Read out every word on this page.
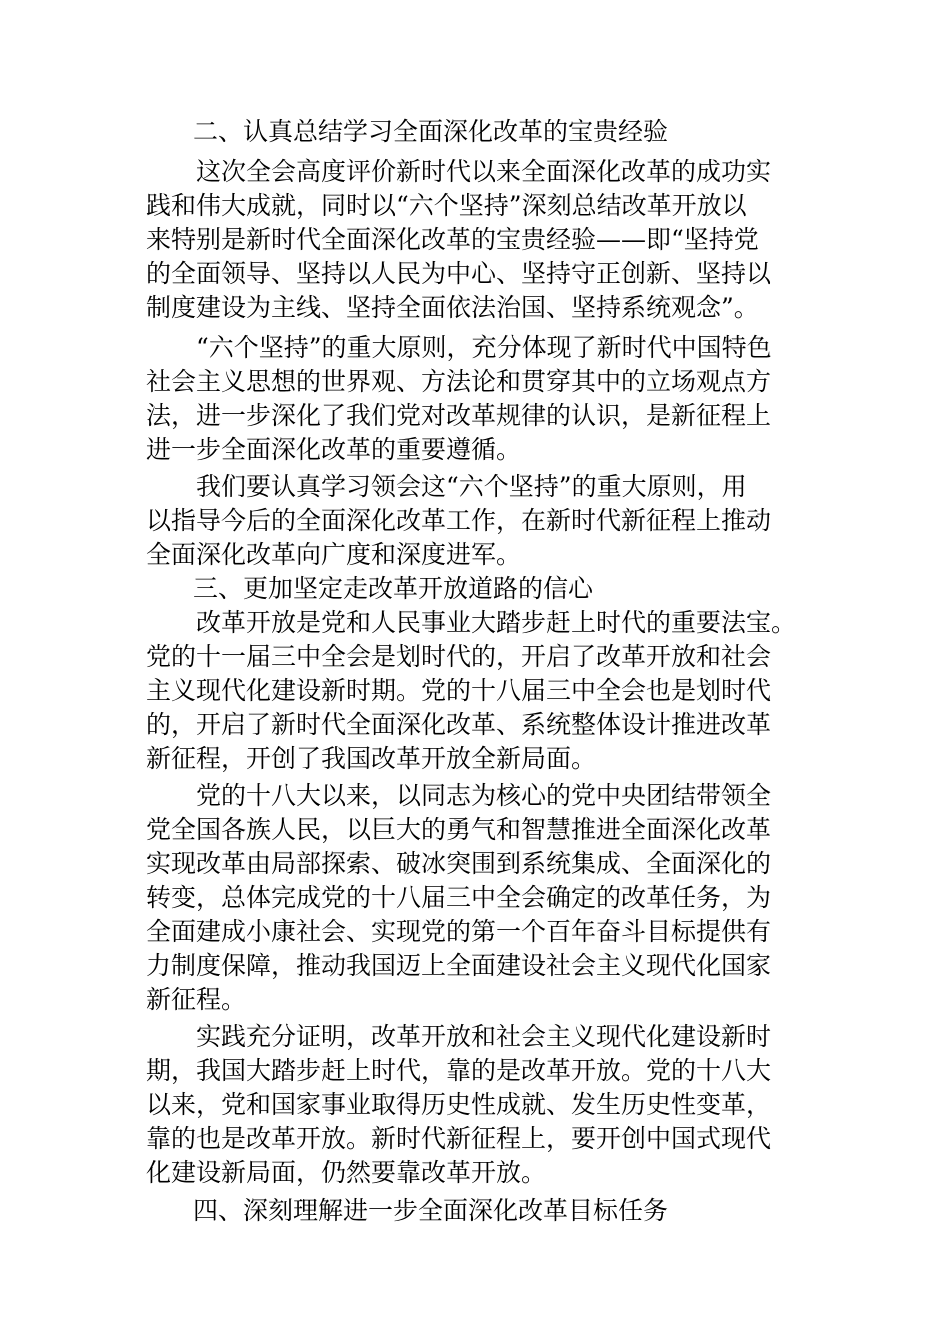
二、认真总结学习全面深化改革的宝贵经验
这次全会高度评价新时代以来全面深化改革的成功实
践和伟大成就，同时以“六个坚持”深刻总结改革开放以
来特别是新时代全面深化改革的宝贵经验——即“坚持党
的全面领导、坚持以人民为中心、坚持守正创新、坚持以
制度建设为主线、坚持全面依法治国、坚持系统观念”。
“六个坚持”的重大原则，充分体现了新时代中国特色
社会主义思想的世界观、方法论和贯穿其中的立场观点方
法，进一步深化了我们党对改革规律的认识，是新征程上
进一步全面深化改革的重要遵循。
我们要认真学习领会这“六个坚持”的重大原则，用
以指导今后的全面深化改革工作，在新时代新征程上推动
全面深化改革向广度和深度进军。
三、更加坚定走改革开放道路的信心
改革开放是党和人民事业大踏步赶上时代的重要法宝。
党的十一届三中全会是划时代的，开启了改革开放和社会
主义现代化建设新时期。党的十八届三中全会也是划时代
的，开启了新时代全面深化改革、系统整体设计推进改革
新征程，开创了我国改革开放全新局面。
党的十八大以来，以同志为核心的党中央团结带领全
党全国各族人民，以巨大的勇气和智慧推进全面深化改革
实现改革由局部探索、破冰突围到系统集成、全面深化的
转变，总体完成党的十八届三中全会确定的改革任务，为
全面建成小康社会、实现党的第一个百年奋斗目标提供有
力制度保障，推动我国迈上全面建设社会主义现代化国家
新征程。
实践充分证明，改革开放和社会主义现代化建设新时
期，我国大踏步赶上时代，靠的是改革开放。党的十八大
以来，党和国家事业取得历史性成就、发生历史性变革，
靠的也是改革开放。新时代新征程上，要开创中国式现代
化建设新局面，仍然要靠改革开放。
四、深刻理解进一步全面深化改革目标任务
